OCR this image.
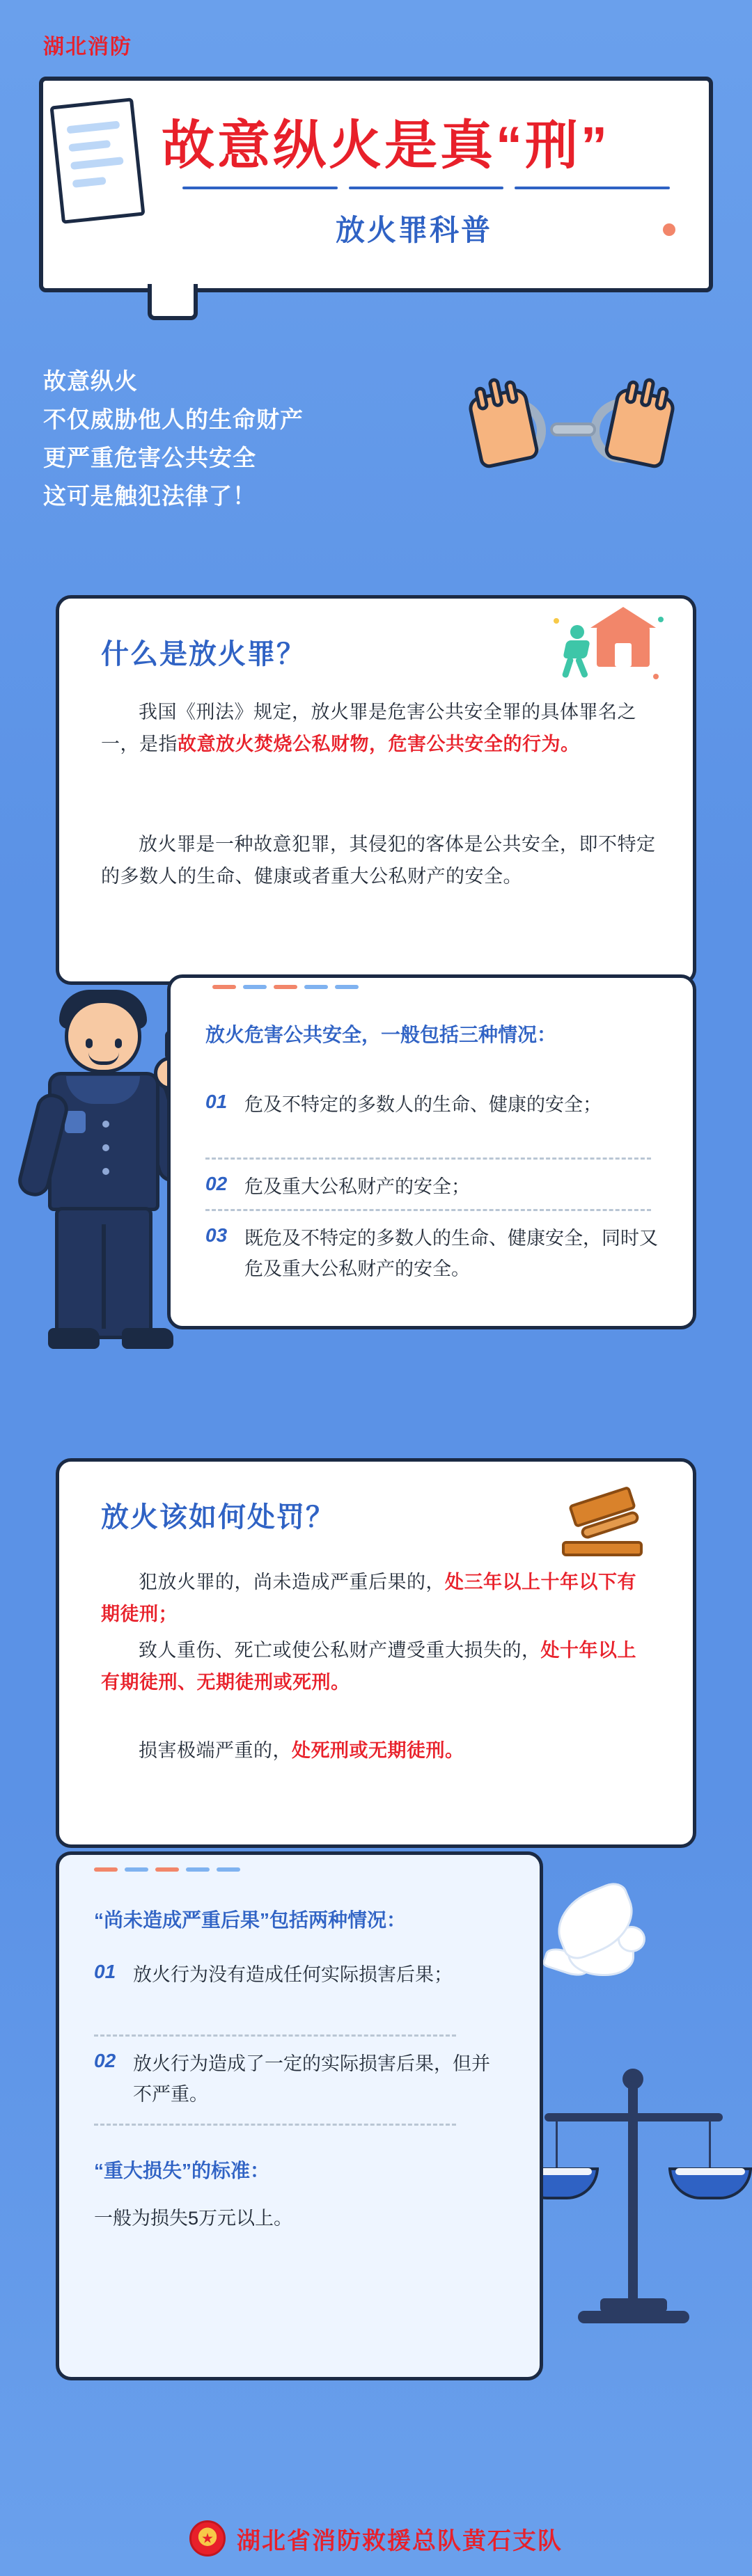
湖北消防
故意纵火是真“刑”
放火罪科普
故意纵火
不仅威胁他人的生命财产
更严重危害公共安全
这可是触犯法律了！
什么是放火罪？

我国《刑法》规定，放火罪是危害公共安全罪的具体罪名之一，是指故意放火焚烧公私财物，危害公共安全的行为。

放火罪是一种故意犯罪，其侵犯的客体是公共安全，即不特定的多数人的生命、健康或者重大公私财产的安全。

放火危害公共安全，一般包括三种情况：
01 危及不特定的多数人的生命、健康的安全；
02 危及重大公私财产的安全；
03 既危及不特定的多数人的生命、健康安全，同时又危及重大公私财产的安全。
放火该如何处罚？

犯放火罪的，尚未造成严重后果的，处三年以上十年以下有期徒刑；

致人重伤、死亡或使公私财产遭受重大损失的，处十年以上有期徒刑、无期徒刑或死刑。

损害极端严重的，处死刑或无期徒刑。

“尚未造成严重后果”包括两种情况：
01 放火行为没有造成任何实际损害后果；
02 放火行为造成了一定的实际损害后果，但并不严重。
“重大损失”的标准：
一般为损失5万元以上。
湖北省消防救援总队黄石支队
